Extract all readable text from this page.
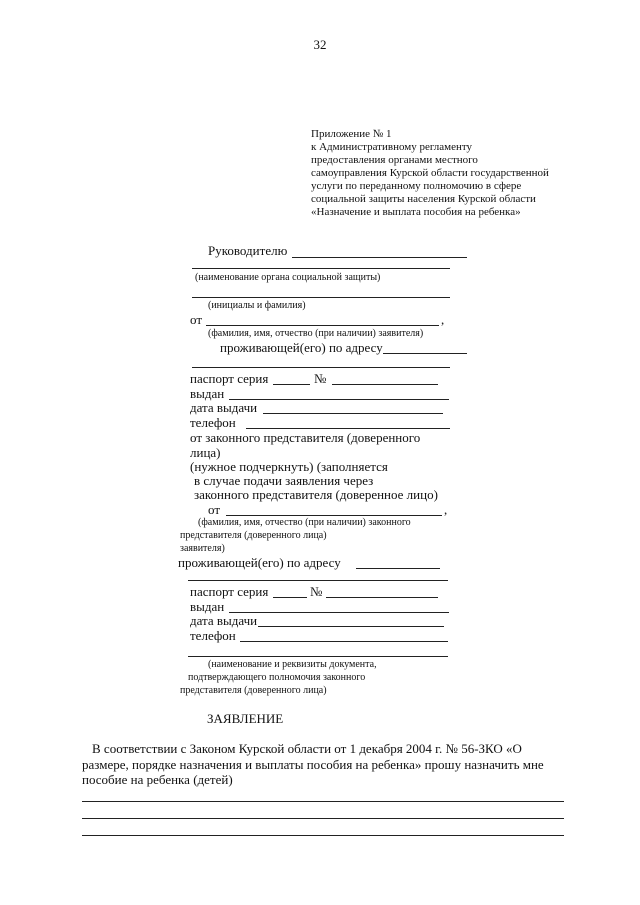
32
Приложение № 1
к Административному регламенту
предоставления органами местного
самоуправления Курской области государственной
услуги по переданному полномочию в сфере
социальной защиты населения Курской области
«Назначение и выплата пособия на ребенка»
Руководителю
(наименование органа социальной защиты)
(инициалы и фамилия)
от	,
(фамилия, имя, отчество (при наличии) заявителя)
проживающей(его) по адресу
паспорт серия	№
выдан
дата выдачи
телефон
от законного представителя (доверенного
лица)
(нужное подчеркнуть) (заполняется
в случае подачи заявления через
законного представителя (доверенное лицо)
от	,
(фамилия, имя, отчество (при наличии) законного
представителя (доверенного лица)
заявителя)
проживающей(его) по адресу
паспорт серия	№
выдан
дата выдачи
телефон
(наименование и реквизиты документа,
подтверждающего полномочия законного
представителя (доверенного лица)
ЗАЯВЛЕНИЕ
В соответствии с Законом Курской области от 1 декабря 2004 г. № 56-ЗКО «О
размере, порядке назначения и выплаты пособия на ребенка» прошу назначить мне
пособие на ребенка (детей)
